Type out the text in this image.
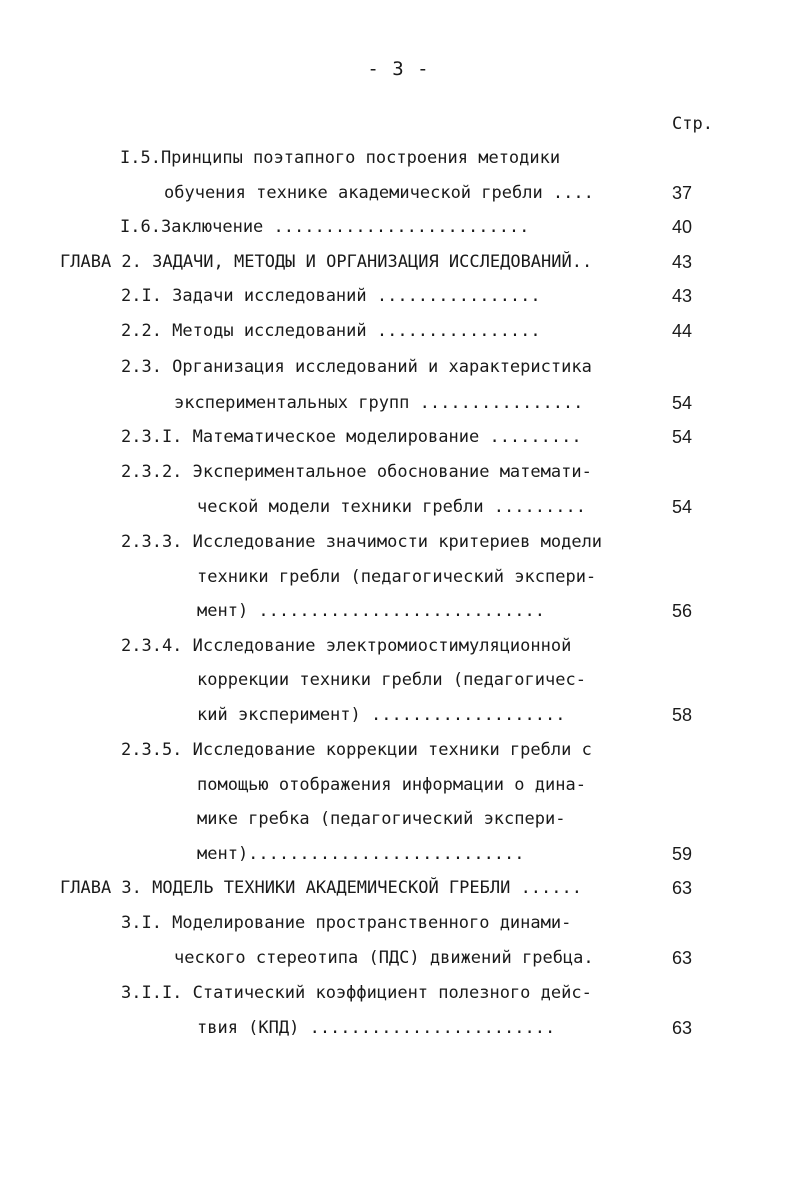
- 3 -
Стр.
I.5.Принципы поэтапного построения методики
обучения технике академической гребли ....	37
I.6.Заключение .........................	40
ГЛАВА 2. ЗАДАЧИ, МЕТОДЫ И ОРГАНИЗАЦИЯ ИССЛЕДОВАНИЙ..	43
2.I. Задачи исследований ................	43
2.2. Методы исследований ................	44
2.3. Организация исследований и характеристика
экспериментальных групп ................	54
2.3.I. Математическое моделирование .........	54
2.3.2. Экспериментальное обоснование математи-
ческой модели техники гребли .........	54
2.3.3. Исследование значимости критериев модели
техники гребли (педагогический экспери-
мент) ............................	56
2.3.4. Исследование электромиостимуляционной
коррекции техники гребли (педагогичес-
кий эксперимент) ...................	58
2.3.5. Исследование коррекции техники гребли с
помощью отображения информации о дина-
мике гребка (педагогический экспери-
мент)...........................	59
ГЛАВА 3. МОДЕЛЬ ТЕХНИКИ АКАДЕМИЧЕСКОЙ ГРЕБЛИ ......	63
3.I. Моделирование пространственного динами-
ческого стереотипа (ПДС) движений гребца.	63
3.I.I. Статический коэффициент полезного дейс-
твия (КПД) ........................	63
